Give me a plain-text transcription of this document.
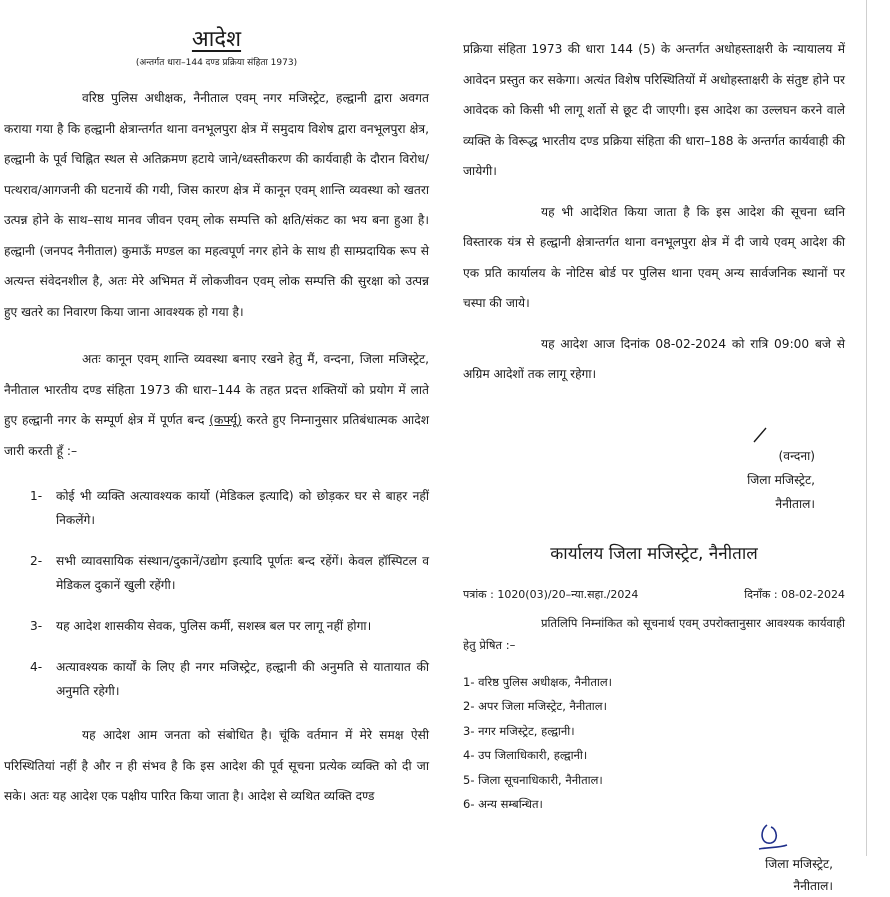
आदेश
(अन्तर्गत धारा–144 दण्ड प्रक्रिया संहिता 1973)

वरिष्ठ पुलिस अधीक्षक, नैनीताल एवम् नगर मजिस्ट्रेट, हल्द्वानी द्वारा अवगत कराया गया है कि हल्द्वानी क्षेत्रान्तर्गत थाना वनभूलपुरा क्षेत्र में समुदाय विशेष द्वारा वनभूलपुरा क्षेत्र, हल्द्वानी के पूर्व चिह्नित स्थल से अतिक्रमण हटाये जाने/ध्वस्तीकरण की कार्यवाही के दौरान विरोध/पत्थराव/आगजनी की घटनायें की गयी, जिस कारण क्षेत्र में कानून एवम् शान्ति व्यवस्था को खतरा उत्पन्न होने के साथ–साथ मानव जीवन एवम् लोक सम्पत्ति को क्षति/संकट का भय बना हुआ है। हल्द्वानी (जनपद नैनीताल) कुमाऊँ मण्डल का महत्वपूर्ण नगर होने के साथ ही साम्प्रदायिक रूप से अत्यन्त संवेदनशील है, अतः मेरे अभिमत में लोकजीवन एवम् लोक सम्पत्ति की सुरक्षा को उत्पन्न हुए खतरे का निवारण किया जाना आवश्यक हो गया है।

अतः कानून एवम् शान्ति व्यवस्था बनाए रखने हेतु मैं, वन्दना, जिला मजिस्ट्रेट, नैनीताल भारतीय दण्ड संहिता 1973 की धारा–144 के तहत प्रदत्त शक्तियों को प्रयोग में लाते हुए हल्द्वानी नगर के सम्पूर्ण क्षेत्र में पूर्णत बन्द (कर्फ्यू) करते हुए निम्नानुसार प्रतिबंधात्मक आदेश जारी करती हूँ :–

1- कोई भी व्यक्ति अत्यावश्यक कार्यो (मेडिकल इत्यादि) को छोड़कर घर से बाहर नहीं निकलेंगे।
2- सभी व्यावसायिक संस्थान/दुकानें/उद्योग इत्यादि पूर्णतः बन्द रहेंगें। केवल हॉस्पिटल व मेडिकल दुकानें खुली रहेंगी।
3- यह आदेश शासकीय सेवक, पुलिस कर्मी, सशस्त्र बल पर लागू नहीं होगा।
4- अत्यावश्यक कार्यों के लिए ही नगर मजिस्ट्रेट, हल्द्वानी की अनुमति से यातायात की अनुमति रहेगी।

यह आदेश आम जनता को संबोधित है। चूंकि वर्तमान में मेरे समक्ष ऐसी परिस्थितियां नहीं है और न ही संभव है कि इस आदेश की पूर्व सूचना प्रत्येक व्यक्ति को दी जा सके। अतः यह आदेश एक पक्षीय पारित किया जाता है। आदेश से व्यथित व्यक्ति दण्ड

प्रक्रिया संहिता 1973 की धारा 144 (5) के अन्तर्गत अधोहस्ताक्षरी के न्यायालय में आवेदन प्रस्तुत कर सकेगा। अत्यंत विशेष परिस्थितियों में अधोहस्ताक्षरी के संतुष्ट होने पर आवेदक को किसी भी लागू शर्तो से छूट दी जाएगी। इस आदेश का उल्लघन करने वाले व्यक्ति के विरूद्ध भारतीय दण्ड प्रक्रिया संहिता की धारा–188 के अन्तर्गत कार्यवाही की जायेगी।

यह भी आदेशित किया जाता है कि इस आदेश की सूचना ध्वनि विस्तारक यंत्र से हल्द्वानी क्षेत्रान्तर्गत थाना वनभूलपुरा क्षेत्र में दी जाये एवम् आदेश की एक प्रति कार्यालय के नोटिस बोर्ड पर पुलिस थाना एवम् अन्य सार्वजनिक स्थानों पर चस्पा की जाये।

यह आदेश आज दिनांक 08-02-2024 को रात्रि 09:00 बजे से अग्रिम आदेशों तक लागू रहेगा।

(वन्दना)
जिला मजिस्ट्रेट,
नैनीताल।
कार्यालय जिला मजिस्ट्रेट, नैनीताल
पत्रांक : 1020(03)/20–न्या.सहा./2024	दिनाँक : 08-02-2024

प्रतिलिपि निम्नांकित को सूचनार्थ एवम् उपरोक्तानुसार आवश्यक कार्यवाही हेतु प्रेषित :–

1- वरिष्ठ पुलिस अधीक्षक, नैनीताल।
2- अपर जिला मजिस्ट्रेट, नैनीताल।
3- नगर मजिस्ट्रेट, हल्द्वानी।
4- उप जिलाधिकारी, हल्द्वानी।
5- जिला सूचनाधिकारी, नैनीताल।
6- अन्य सम्बन्धित।
जिला मजिस्ट्रेट,
नैनीताल।
